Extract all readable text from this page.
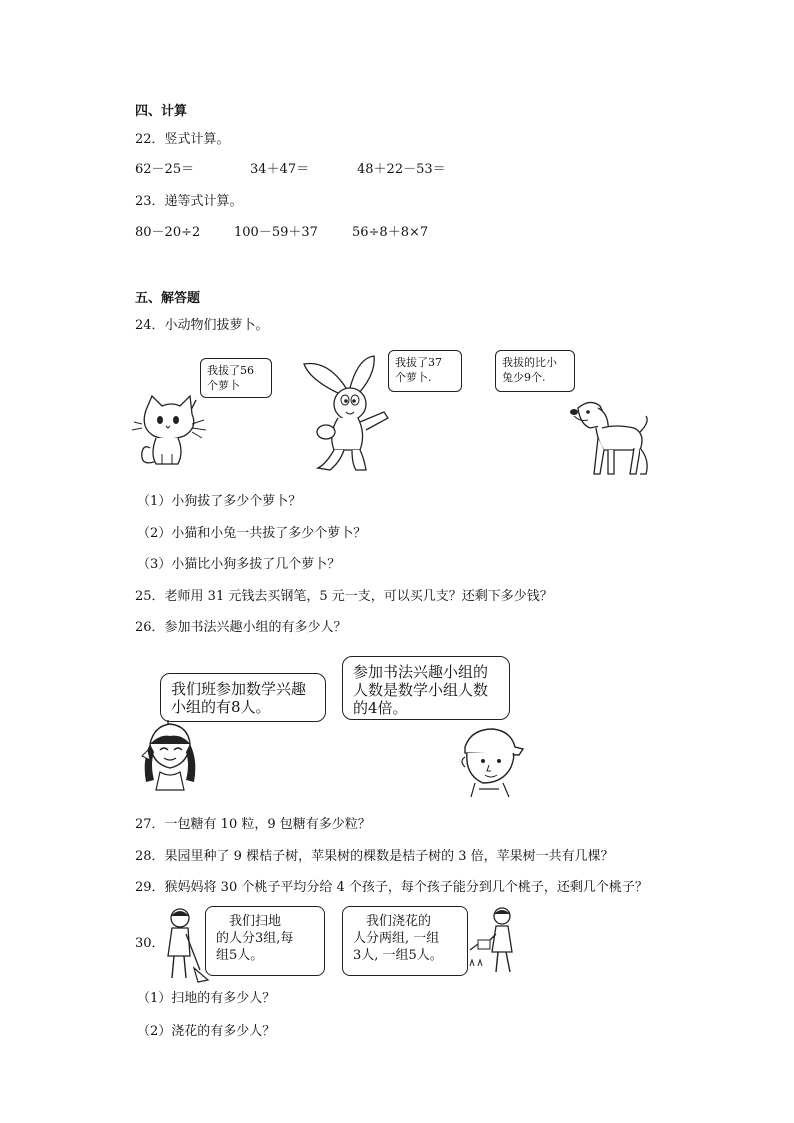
四、计算
22．竖式计算。
62－25＝	34＋47＝	48＋22－53＝
23．递等式计算。
80－20÷2	100－59＋37	56÷8＋8×7
五、解答题
24．小动物们拔萝卜。
我拔了56
个萝卜
我拔了37
个萝卜.
我拔的比小
兔少9个.
（1）小狗拔了多少个萝卜？
（2）小猫和小兔一共拔了多少个萝卜？
（3）小猫比小狗多拔了几个萝卜？
25．老师用 31 元钱去买钢笔，5 元一支，可以买几支？还剩下多少钱？
26．参加书法兴趣小组的有多少人？
我们班参加数学兴趣
小组的有8人。
参加书法兴趣小组的
人数是数学小组人数
的4倍。
27．一包糖有 10 粒，9 包糖有多少粒？
28．果园里种了 9 棵桔子树，苹果树的棵数是桔子树的 3 倍，苹果树一共有几棵？
29．猴妈妈将 30 个桃子平均分给 4 个孩子，每个孩子能分到几个桃子，还剩几个桃子？
30．
　我们扫地
的人分3组,每
组5人。
　我们浇花的
人分两组, 一组
3人, 一组5人。
（1）扫地的有多少人？
（2）浇花的有多少人？
